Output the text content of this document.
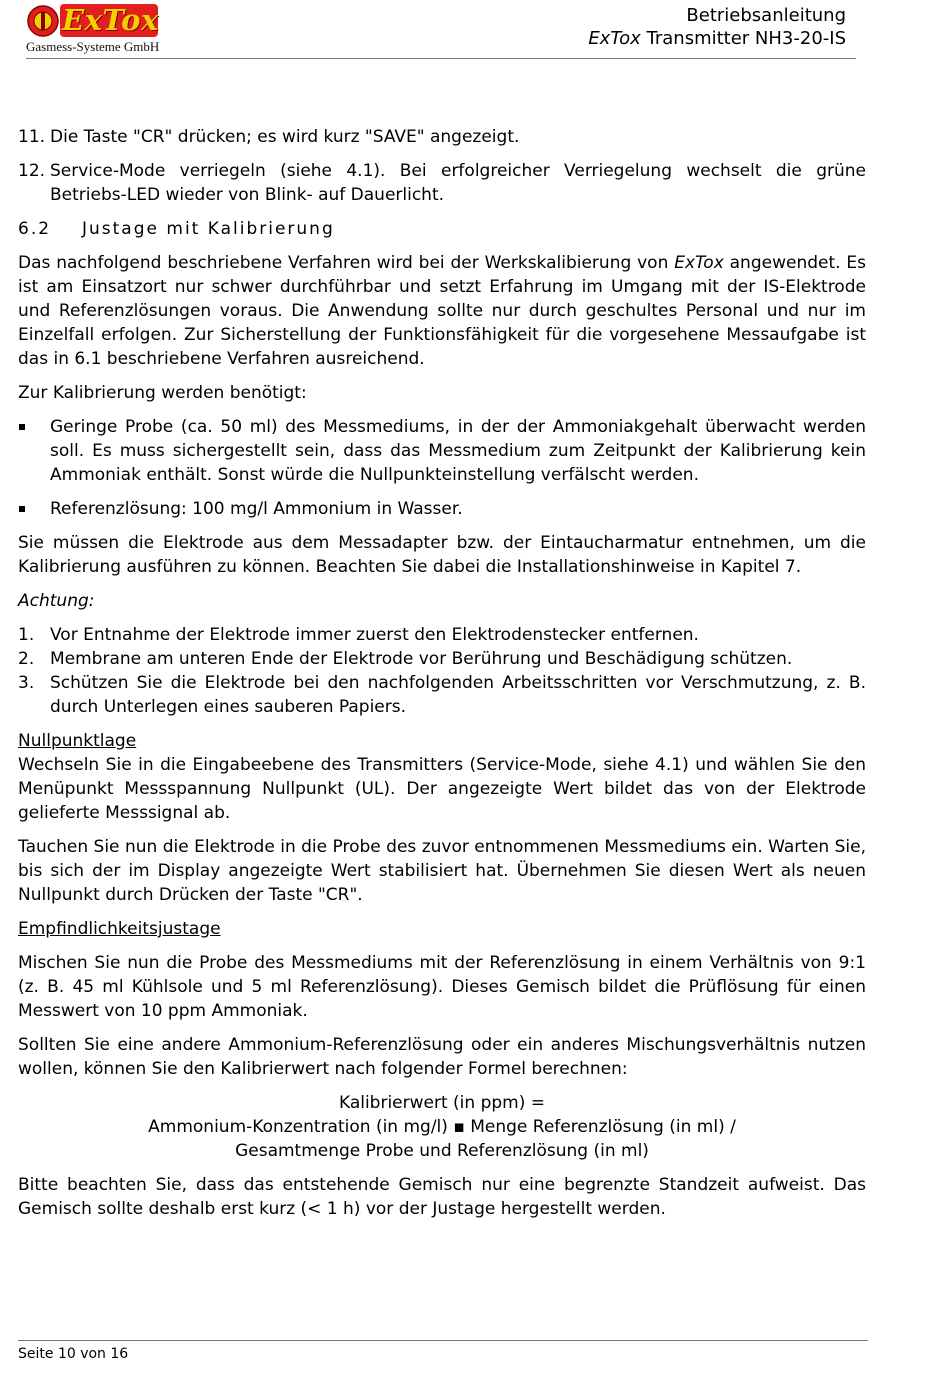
ExTox
Gasmess-Systeme GmbH
Betriebsanleitung
ExTox Transmitter NH3-20-IS
11. Die Taste "CR" drücken; es wird kurz "SAVE" angezeigt.
12. Service-Mode verriegeln (siehe 4.1). Bei erfolgreicher Verriegelung wechselt die grüne Betriebs-LED wieder von Blink- auf Dauerlicht.
6.2 Justage mit Kalibrierung

Das nachfolgend beschriebene Verfahren wird bei der Werkskalibierung von ExTox angewendet. Es ist am Einsatzort nur schwer durchführbar und setzt Erfahrung im Umgang mit der IS-Elektrode und Referenzlösungen voraus. Die Anwendung sollte nur durch geschultes Personal und nur im Einzelfall erfolgen. Zur Sicherstellung der Funktionsfähigkeit für die vorgesehene Messaufgabe ist das in 6.1 beschriebene Verfahren ausreichend.

Zur Kalibrierung werden benötigt:

Geringe Probe (ca. 50 ml) des Messmediums, in der der Ammoniakgehalt überwacht werden soll. Es muss sichergestellt sein, dass das Messmedium zum Zeitpunkt der Kalibrierung kein Ammoniak enthält. Sonst würde die Nullpunkteinstellung verfälscht werden.
Referenzlösung: 100 mg/l Ammonium in Wasser.

Sie müssen die Elektrode aus dem Messadapter bzw. der Eintaucharmatur entnehmen, um die Kalibrierung ausführen zu können. Beachten Sie dabei die Installationshinweise in Kapitel 7.

Achtung:

1. Vor Entnahme der Elektrode immer zuerst den Elektrodenstecker entfernen.
2. Membrane am unteren Ende der Elektrode vor Berührung und Beschädigung schützen.
3. Schützen Sie die Elektrode bei den nachfolgenden Arbeitsschritten vor Verschmutzung, z. B. durch Unterlegen eines sauberen Papiers.
Nullpunktlage

Wechseln Sie in die Eingabeebene des Transmitters (Service-Mode, siehe 4.1) und wählen Sie den Menüpunkt Messspannung Nullpunkt (UL). Der angezeigte Wert bildet das von der Elektrode gelieferte Messsignal ab.

Tauchen Sie nun die Elektrode in die Probe des zuvor entnommenen Messmediums ein. Warten Sie, bis sich der im Display angezeigte Wert stabilisiert hat. Übernehmen Sie diesen Wert als neuen Nullpunkt durch Drücken der Taste "CR".

Empfindlichkeitsjustage

Mischen Sie nun die Probe des Messmediums mit der Referenzlösung in einem Verhältnis von 9:1 (z. B. 45 ml Kühlsole und 5 ml Referenzlösung). Dieses Gemisch bildet die Prüflösung für einen Messwert von 10 ppm Ammoniak.

Sollten Sie eine andere Ammonium-Referenzlösung oder ein anderes Mischungsverhältnis nutzen wollen, können Sie den Kalibrierwert nach folgender Formel berechnen:

Kalibrierwert (in ppm) =
Ammonium-Konzentration (in mg/l) ▪ Menge Referenzlösung (in ml) /
Gesamtmenge Probe und Referenzlösung (in ml)

Bitte beachten Sie, dass das entstehende Gemisch nur eine begrenzte Standzeit aufweist. Das Gemisch sollte deshalb erst kurz (< 1 h) vor der Justage hergestellt werden.

Seite 10 von 16
